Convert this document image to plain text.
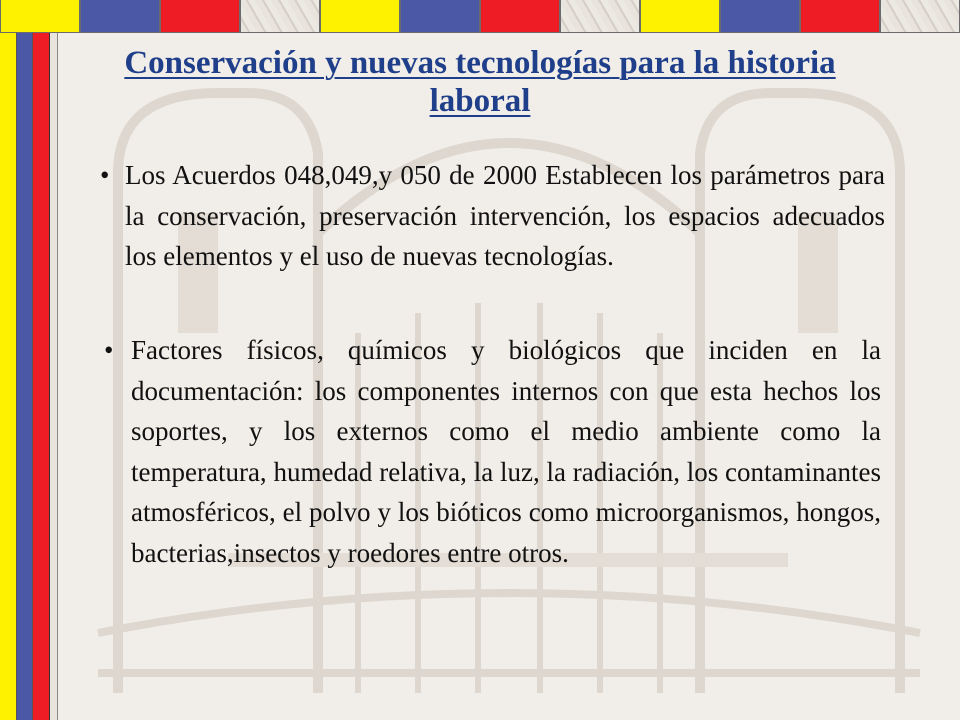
Conservación y nuevas tecnologías para la historia laboral
• Los Acuerdos 048,049,y 050 de 2000 Establecen los parámetros para la conservación, preservación intervención, los espacios adecuados los elementos y el uso de nuevas tecnologías.
• Factores físicos, químicos y biológicos que inciden en la documentación: los componentes internos con que esta hechos los soportes, y los externos como el medio ambiente como la temperatura, humedad relativa, la luz, la radiación, los contaminantes atmosféricos, el polvo y los bióticos como microorganismos, hongos, bacterias,insectos y roedores entre otros.
